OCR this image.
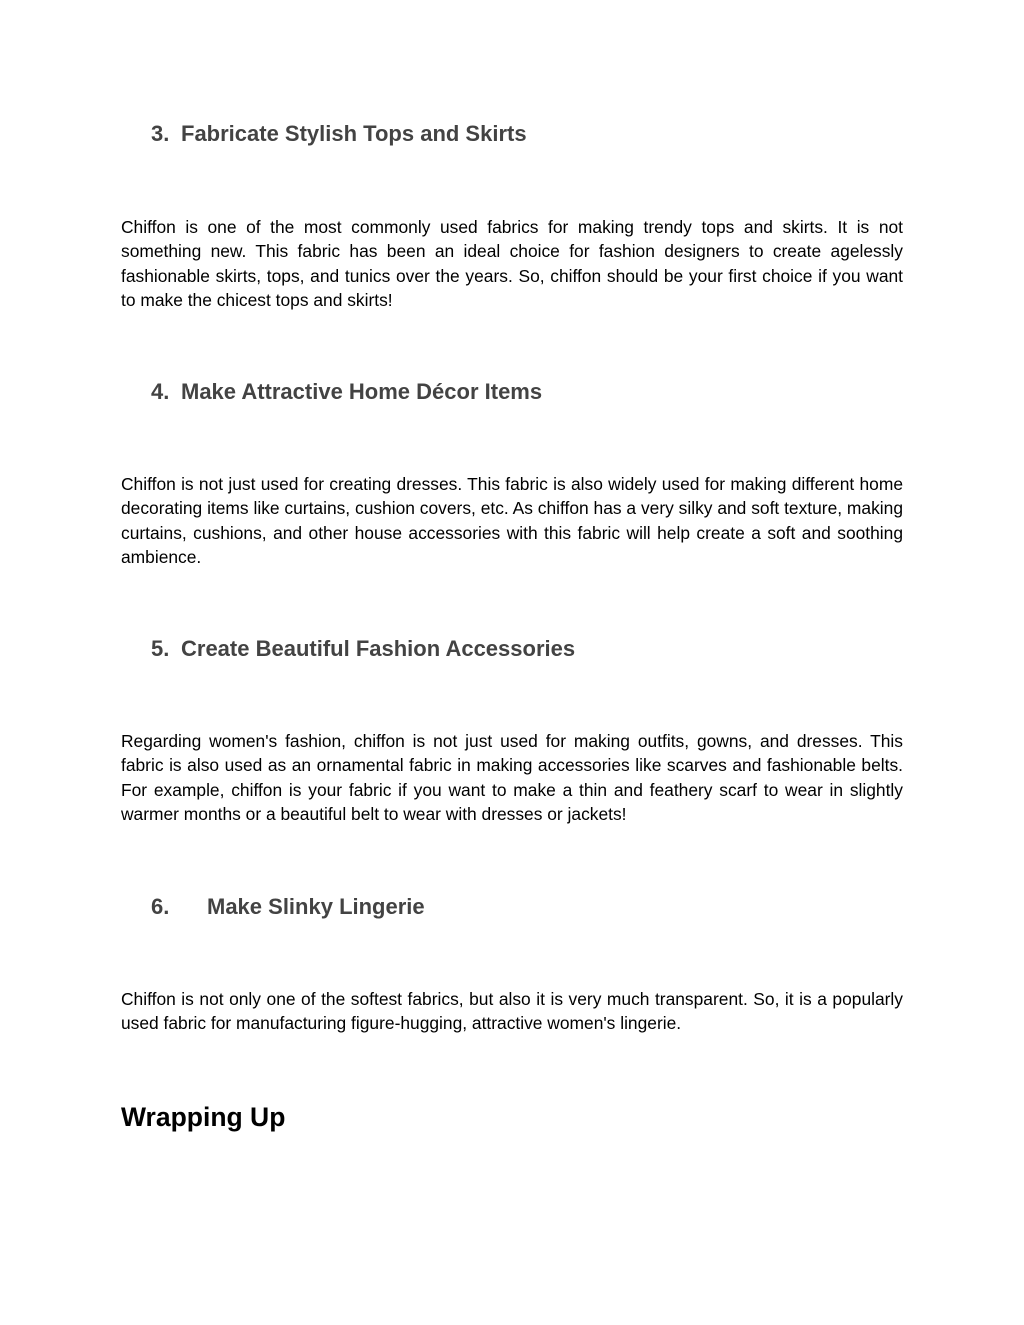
3. Fabricate Stylish Tops and Skirts

Chiffon is one of the most commonly used fabrics for making trendy tops and skirts. It is not something new. This fabric has been an ideal choice for fashion designers to create agelessly fashionable skirts, tops, and tunics over the years. So, chiffon should be your first choice if you want to make the chicest tops and skirts!

4. Make Attractive Home Décor Items

Chiffon is not just used for creating dresses. This fabric is also widely used for making different home decorating items like curtains, cushion covers, etc. As chiffon has a very silky and soft texture, making curtains, cushions, and other house accessories with this fabric will help create a soft and soothing ambience.

5. Create Beautiful Fashion Accessories

Regarding women's fashion, chiffon is not just used for making outfits, gowns, and dresses. This fabric is also used as an ornamental fabric in making accessories like scarves and fashionable belts. For example, chiffon is your fabric if you want to make a thin and feathery scarf to wear in slightly warmer months or a beautiful belt to wear with dresses or jackets!

6. Make Slinky Lingerie

Chiffon is not only one of the softest fabrics, but also it is very much transparent. So, it is a popularly used fabric for manufacturing figure-hugging, attractive women's lingerie.

Wrapping Up
